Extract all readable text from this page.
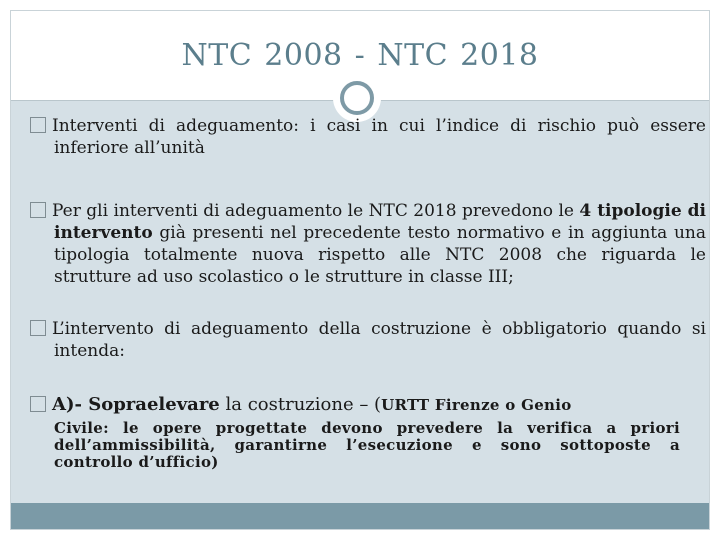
NTC 2008 - NTC 2018
Interventi di adeguamento: i casi in cui l’indice di rischio può essere inferiore all’unità
Per gli interventi di adeguamento le NTC 2018 prevedono le 4 tipologie di intervento già presenti nel precedente testo normativo e in aggiunta una tipologia totalmente nuova rispetto alle NTC 2008 che riguarda le strutture ad uso scolastico o le strutture in classe III;
L’intervento di adeguamento della costruzione è obbligatorio quando si intenda:
A)- Sopraelevare la costruzione – (URTT Firenze o Genio
Civile: le opere progettate devono prevedere la verifica a priori dell’ammissibilità, garantirne l’esecuzione e sono sottoposte a controllo d’ufficio)
